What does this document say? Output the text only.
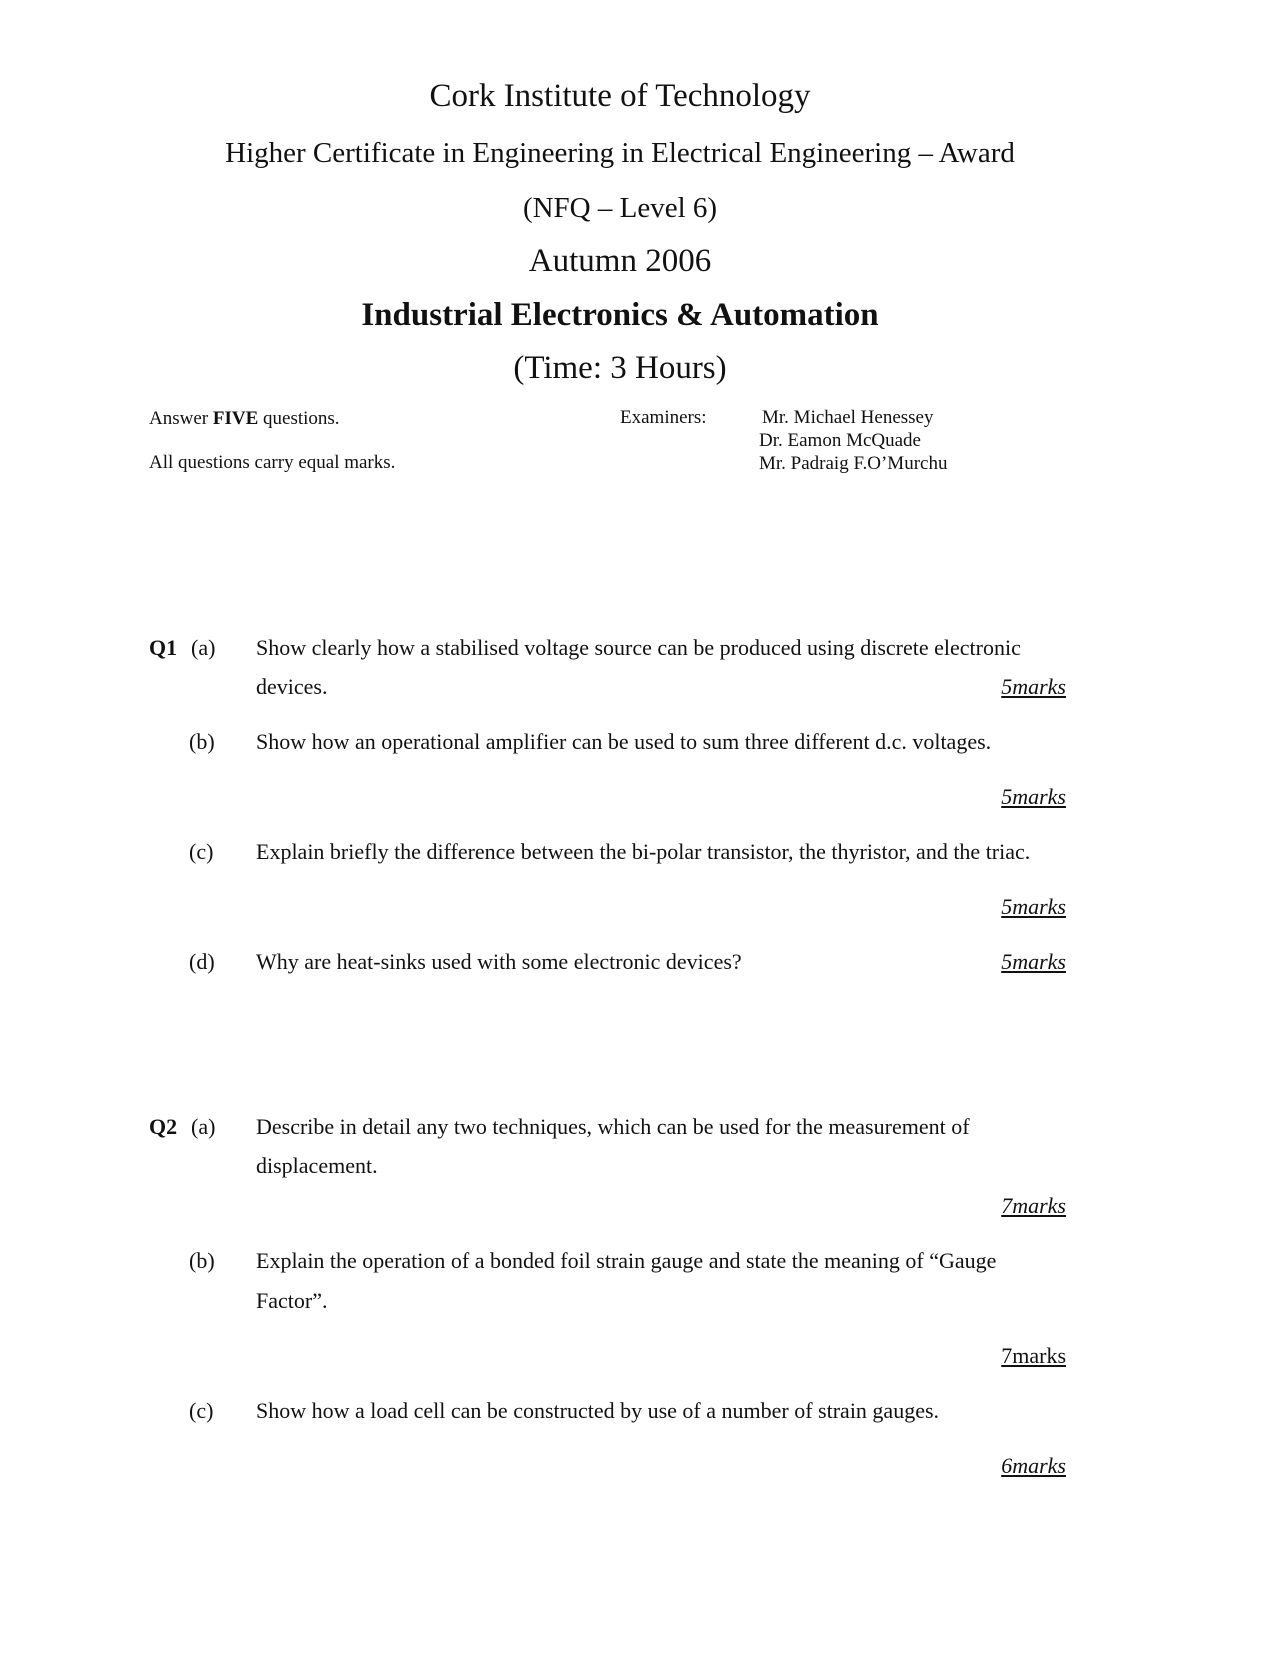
Cork Institute of Technology
Higher Certificate in Engineering in Electrical Engineering – Award
(NFQ – Level 6)
Autumn 2006
Industrial Electronics & Automation
(Time: 3 Hours)
Answer FIVE questions.
All questions carry equal marks.
Examiners:	Mr. Michael Henessey
Dr. Eamon McQuade
Mr. Padraig F.O’Murchu
Q1 (a) Show clearly how a stabilised voltage source can be produced using discrete electronic
devices.	5marks
(b) Show how an operational amplifier can be used to sum three different d.c. voltages.
5marks
(c) Explain briefly the difference between the bi-polar transistor, the thyristor, and the triac.
5marks
(d) Why are heat-sinks used with some electronic devices?	5marks
Q2 (a) Describe in detail any two techniques, which can be used for the measurement of
displacement.
7marks
(b) Explain the operation of a bonded foil strain gauge and state the meaning of “Gauge
Factor”.
7marks
(c) Show how a load cell can be constructed by use of a number of strain gauges.
6marks
